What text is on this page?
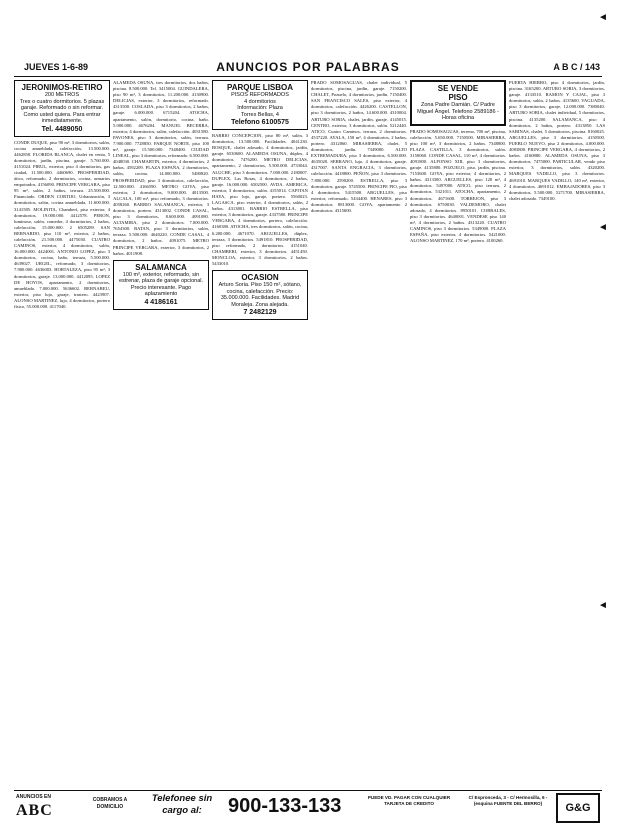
JUEVES 1-6-89	ANUNCIOS POR PALABRAS	A B C / 143
JERONIMOS-RETIRO
200 METROS
Tres o cuatro dormitorios. 5 plazas garaje. Reformado o sin reformar. Como usted quiera. Para entrar inmediatamente.
Tel. 4489050

CONDE DUQUE, piso 90 m², 3 dormitorios, salón, cocina amueblada, calefacción, 13.500.000. 4462858. FLORIDA BLANCA, chalet en venta, 5 dormitorios, jardín, piscina, garaje. 5.760.000. 4151024. PIRUL, exterior, piso 4 dormitorios, gas ciudad, 11.500.000. 4460690. PROSPERIDAD, ático, reformado, 2 dormitorios, cocina, armarios empotrados. 4156090. PRINCIPE VERGARA, piso 95 m², salón, 2 baños, terraza. 25.500.000. Financiado. ORDEN CORTIJO, Urbanización, 3 dormitorios, salón, cocina amueblada, 11.600.000. 3141585. MOLINITA, Chamberí, piso exterior, 4 dormitorios, 19.000.000. 4412578. PERON, luminoso, salón, comedor, 4 dormitorios, 2 baños, calefacción, 15.000.000. 2 6505289. SAN BERNARDO, piso 110 m², exterior, 2 baños, calefacción. 21.500.000. 4475030. CUATRO CAMINOS, exterior, 4 dormitorios, salón, 16.000.000. 4424001. ANTONIO LOPEZ, piso 3 dormitorios, cocina, baño, terraza, 5.500.000. 4639027. URGEL, reformado, 3 dormitorios, 7.900.000. 4636003. HORTALEZA, piso 95 m², 3 dormitorios, garaje. 13.000.000. 4412095. LOPEZ DE HOYOS, apartamento, 2 dormitorios, amueblado. 7.000.000. 5636602. BERNABEU, exterior, piso lujo, garaje, trastero. 4423907. ALONSO MARTINEZ, lujo, 4 dormitorios, portero físico, 55.000.000. 4117040.

ALAMEDA OSUNA, tres dormitorios, dos baños, piscina. 8.500.000. Tel. 3415004. GUINDALERA, piso 90 m², 3 dormitorios, 11.200.000. 4130900. DELICIAS, exterior, 3 dormitorios, reformado. 4313500. COSLADA, piso 3 dormitorios, 2 baños, garaje. 6.000.000. 6715204. ATOCHA, apartamento, salón, dormitorio, cocina, baño. 5.000.000. 4676204. MANUEL BECERRA, exterior, 4 dormitorios, salón, calefacción. 4031580. PAVONES, piso 3 dormitorios, salón, terraza. 7.900.000. 7728850. PARQUE NORTE, piso 100 m², garaje. 15.500.000. 7348400. CIUDAD LINEAL, piso 3 dormitorios, reformado. 6.500.000. 4048030. CHAMARTIN, exterior, 4 dormitorios, 2 baños. 4592209. PLAZA ESPAÑA, 2 dormitorios, salón, cocina. 14.000.000. 5480820. PROSPERIDAD, piso 3 dormitorios, calefacción, 12.500.000. 4166590. METRO GOYA, piso exterior, 2 dormitorios, 9.000.000. 4013500. ALCALA, 100 m², piso reformado, 3 dormitorios. 4058260. BARRIO SALAMANCA, exterior, 3 dormitorios, portero. 4313002. CONDE CASAL, piso 3 dormitorios, 8.600.000. 4091080. ALTAMIRA, piso 2 dormitorios. 7.000.000. 7654300. BATAN, piso 3 dormitorios, salón, terraza. 5.500.000. 4640220. CONDE CASAL, 4 dormitorios, 2 baños. 4091075. METRO PRINCIPE VERGARA, exterior, 3 dormitorios, 2 baños. 4011908.

SALAMANCA
100 m², exterior, reformado, sin estrenar, plaza de garaje opcional. Precio interesante. Pago aplazamiento
4 4186161
PARQUE LISBOA
PISOS REFORMADOS
4 dormitorios
Información: Plaza
Torres Bellas, 4
Telefono 6100575

BARRIO CONCEPCION, piso 80 m², salón, 3 dormitorios, 13.500.000. Facilidades. 4041230. BOSQUE, chalet adosado, 4 dormitorios, jardín, garaje. 6530600. ALAMEDA OSUNA, dúplex, 4 dormitorios. 7476200. METRO DELICIAS, apartamento, 2 dormitorios, 5.500.000. 4733044. ALUCHE, piso 3 dormitorios. 7.000.000. 2180007. DUPLEX, Las Rosas, 4 dormitorios, 2 baños, garaje. 16.000.000. 6502500. AVDA. AMERICA, exterior, 3 dormitorios, salón. 4155014. CAPITAN HAYA, piso lujo, garaje, portero. 5560023. LAGASCA, piso exterior, 4 dormitorios, salón, 2 baños. 4313801. BARRIO ESTRELLA, piso exterior, 3 dormitorios, garaje. 4337580. PRINCIPE VERGARA, 4 dormitorios, portero, calefacción. 4160380. ATOCHA, tres dormitorios, salón, cocina, 6.200.000. 4671070. ARGUELLES, dúplex, terraza, 3 dormitorios. 5491810. PROSPERIDAD, piso reformado, 2 dormitorios. 4151040. CHAMBERI, exterior, 3 dormitorios. 4451450. MONCLOA, exterior, 3 dormitorios, 2 baños. 5433010.

OCASION
Arturo Soria. Piso 150 m², sótano, cocina, calefacción. Precio: 35.000.000. Facilidades. Madrid Moraleja. Zona alejada.
7 2482129

PRADO SOMOSAGUAS, chalet individual, 5 dormitorios, piscina, jardín, garaje. 7150200. CHALET, Pozuelo, 4 dormitorios, jardín. 7150400. SAN FRANCISCO SALES, piso exterior, 4 dormitorios, calefacción. 4426200. CASTELLON, piso 3 dormitorios, 2 baños, 14.600.000. 4310004. ARTURO SORIA, chalet, jardín, garaje. 4145015. CENTRO, exterior, 3 dormitorios, salón. 5212440. ATICO, Cuatro Caminos, terraza, 2 dormitorios. 4537220. AYALA, 150 m², 4 dormitorios, 2 baños, portero. 4312060. MIRASIERRA, chalet, 5 dormitorios, jardín. 7349000. ALTO EXTREMADURA, piso 3 dormitorios, 6.500.000. 4635020. SERRANO, lujo, 4 dormitorios, garaje. 4317007. SANTA ENGRACIA, 3 dormitorios, calefacción. 4418800. PEÑON, piso 3 dormitorios. 7.800.000. 2590200. ESTRELLA, piso 3 dormitorios, garaje. 5745500. PRINCIPE PIO, piso 4 dormitorios. 5415500. ARGUELLES, piso exterior, reformado. 5434400. HENARES, piso 3 dormitorios. 8813000. GOYA, apartamento 2 dormitorios. 4315600.

SE VENDE
PISO
Zona Padre Damián. C/ Padre Miguel Ángel. Telefono 2589186 - Horas oficina

PRADO SOMOSAGUAS, terreno, 700 m², piscina, calefacción. 5.650.000. 7150500. MIRASIERRA, piso 100 m², 3 dormitorios, 2 baños. 7348800. PLAZA CASTILLA, 3 dormitorios, salón. 3150060. CONDE CASAL, 110 m², 4 dormitorios. 4091800. ALFONSO XIII, piso 3 dormitorios, garaje. 4135800. POZUELO, piso, jardín, piscina. 7153600. GOYA, piso exterior, 4 dormitorios, 2 baños. 4313300. ARGUELLES, piso 120 m², 4 dormitorios. 5497000. ATICO, piso terraza, 2 dormitorios. 5321011. ATOCHA, apartamento, 2 dormitorios. 4671600. TORREJON, piso 3 dormitorios. 6750030. VALDEMORO, chalet adosado, 4 dormitorios. 8950101. CORRALES, piso 3 dormitorios. 4640001. VENDESE piso 140 m², 4 dormitorios, 2 baños. 4313220. CUATRO CAMINOS, piso 3 dormitorios. 5349000. PLAZA ESPAÑA, piso exterior, 4 dormitorios. 5421000. ALONSO MARTINEZ, 170 m², portero. 4100260.

PUERTA HIERRO, piso 4 dormitorios, jardín, piscina. 3165200. ARTURO SORIA, 3 dormitorios, garaje. 4133510. RAMON Y CAJAL, piso 3 dormitorios, salón, 2 baños. 4135600. VAGUADA, piso 3 dormitorios, garaje, 12.000.000. 7380040. ARTURO SORIA, chalet individual, 5 dormitorios, piscina. 4135200. SALAMANCA, piso 4 dormitorios, 2 baños, portero. 4313850. LAS SABINAS, chalet, 5 dormitorios, piscina. 8160025. ARGUELLES, piso 3 dormitorios. 4150500. PUEBLO NUEVO, piso 2 dormitorios, 4.000.000. 4083800. PRINCIPE VERGARA, 4 dormitorios, 2 baños. 4160880. ALAMEDA OSUNA, piso 3 dormitorios. 7475000. PARTICULAR, vendo piso exterior, 3 dormitorios, salón. 4320200. MARQUES VADILLO, piso 3 dormitorios. 4691010. MARQUES VADILLO, 140 m², exterior, 4 dormitorios. 4691012. EMBAJADORES, piso 3 dormitorios, 5.500.000. 5271700. MIRASIERRA, chalet adosado. 7349100.

ANUNCIOS EN
ABC
COBRAMOS A DOMICILIO
Telefonee sin cargo al:	900-133-133	PUEDE VD. PAGAR CON CUALQUIER TARJETA DE CREDITO
C/ Espronceda, 3 - C/ Hermosilla, 6 - (esquina FUENTE DEL BERRO)	G&G
◄
◄
◄
